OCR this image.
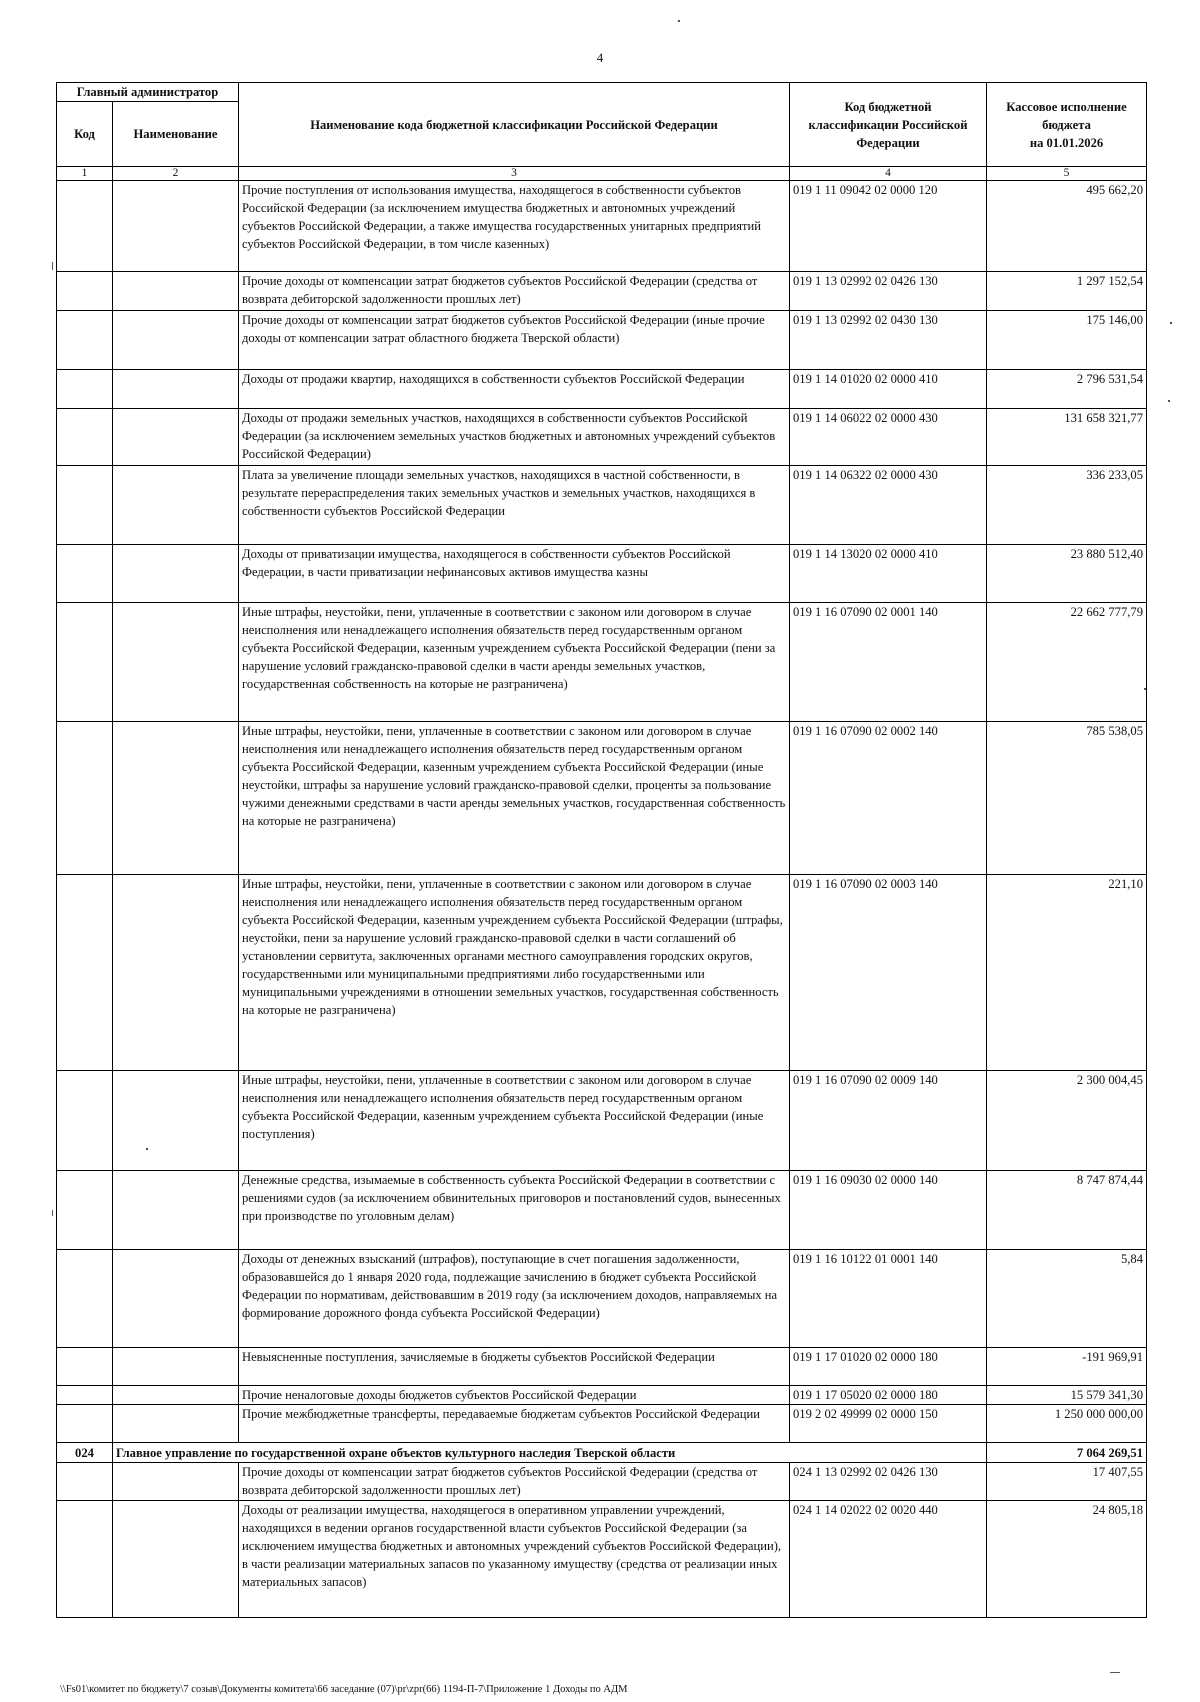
4
Главный администратор		Наименование кода бюджетной классификации Российской Федерации	Код бюджетной классификации Российской Федерации	Кассовое исполнение
бюджета
на 01.01.2026

Код	Наименование			
1	2	3	4	5
		Прочие поступления от использования имущества, находящегося в собственности субъектов Российской Федерации (за исключением имущества бюджетных и автономных учреждений субъектов Российской Федерации, а также имущества государственных унитарных предприятий субъектов Российской Федерации, в том числе казенных)	019 1 11 09042 02 0000 120	495 662,20
		Прочие доходы от компенсации затрат бюджетов субъектов Российской Федерации (средства от возврата дебиторской задолженности прошлых лет)	019 1 13 02992 02 0426 130	1 297 152,54
		Прочие доходы от компенсации затрат бюджетов субъектов Российской Федерации (иные прочие доходы от компенсации затрат областного бюджета Тверской области)	019 1 13 02992 02 0430 130	175 146,00
		Доходы от продажи квартир, находящихся в собственности субъектов Российской Федерации	019 1 14 01020 02 0000 410	2 796 531,54
		Доходы от продажи земельных участков, находящихся в собственности субъектов Российской Федерации (за исключением земельных участков бюджетных и автономных учреждений субъектов Российской Федерации)	019 1 14 06022 02 0000 430	131 658 321,77
		Плата за увеличение площади земельных участков, находящихся в частной собственности, в результате перераспределения таких земельных участков и земельных участков, находящихся в собственности субъектов Российской Федерации	019 1 14 06322 02 0000 430	336 233,05
		Доходы от приватизации имущества, находящегося в собственности субъектов Российской Федерации, в части приватизации нефинансовых активов имущества казны	019 1 14 13020 02 0000 410	23 880 512,40
		Иные штрафы, неустойки, пени, уплаченные в соответствии с законом или договором в случае неисполнения или ненадлежащего исполнения обязательств перед государственным органом субъекта Российской Федерации, казенным учреждением субъекта Российской Федерации (пени за нарушение условий гражданско-правовой сделки в части аренды земельных участков, государственная собственность на которые не разграничена)	019 1 16 07090 02 0001 140	22 662 777,79
		Иные штрафы, неустойки, пени, уплаченные в соответствии с законом или договором в случае неисполнения или ненадлежащего исполнения обязательств перед государственным органом субъекта Российской Федерации, казенным учреждением субъекта Российской Федерации (иные неустойки, штрафы за нарушение условий гражданско-правовой сделки, проценты за пользование чужими денежными средствами в части аренды земельных участков, государственная собственность на которые не разграничена)	019 1 16 07090 02 0002 140	785 538,05
		Иные штрафы, неустойки, пени, уплаченные в соответствии с законом или договором в случае неисполнения или ненадлежащего исполнения обязательств перед государственным органом субъекта Российской Федерации, казенным учреждением субъекта Российской Федерации (штрафы, неустойки, пени за нарушение условий гражданско-правовой сделки в части соглашений об установлении сервитута, заключенных органами местного самоуправления городских округов, государственными или муниципальными предприятиями либо государственными или муниципальными учреждениями в отношении земельных участков, государственная собственность на которые не разграничена)	019 1 16 07090 02 0003 140	221,10
		Иные штрафы, неустойки, пени, уплаченные в соответствии с законом или договором в случае неисполнения или ненадлежащего исполнения обязательств перед государственным органом субъекта Российской Федерации, казенным учреждением субъекта Российской Федерации (иные поступления)	019 1 16 07090 02 0009 140	2 300 004,45
		Денежные средства, изымаемые в собственность субъекта Российской Федерации в соответствии с решениями судов (за исключением обвинительных приговоров и постановлений судов, вынесенных при производстве по уголовным делам)	019 1 16 09030 02 0000 140	8 747 874,44
		Доходы от денежных взысканий (штрафов), поступающие в счет погашения задолженности, образовавшейся до 1 января 2020 года, подлежащие зачислению в бюджет субъекта Российской Федерации по нормативам, действовавшим в 2019 году (за исключением доходов, направляемых на формирование дорожного фонда субъекта Российской Федерации)	019 1 16 10122 01 0001 140	5,84
		Невыясненные поступления, зачисляемые в бюджеты субъектов Российской Федерации	019 1 17 01020 02 0000 180	-191 969,91
		Прочие неналоговые доходы бюджетов субъектов Российской Федерации	019 1 17 05020 02 0000 180	15 579 341,30
		Прочие межбюджетные трансферты, передаваемые бюджетам субъектов Российской Федерации	019 2 02 49999 02 0000 150	1 250 000 000,00
024	Главное управление по государственной охране объектов культурного наследия Тверской области			7 064 269,51
		Прочие доходы от компенсации затрат бюджетов субъектов Российской Федерации (средства от возврата дебиторской задолженности прошлых лет)	024 1 13 02992 02 0426 130	17 407,55
		Доходы от реализации имущества, находящегося в оперативном управлении учреждений, находящихся в ведении органов государственной власти субъектов Российской Федерации (за исключением имущества бюджетных и автономных учреждений субъектов Российской Федерации), в части реализации материальных запасов по указанному имуществу (средства от реализации иных материальных запасов)	024 1 14 02022 02 0020 440	24 805,18
\\Fs01\комитет по бюджету\7 созыв\Документы комитета\66 заседание (07)\pr\zpr(66) 1194-П-7\Приложение 1 Доходы по АДМ
